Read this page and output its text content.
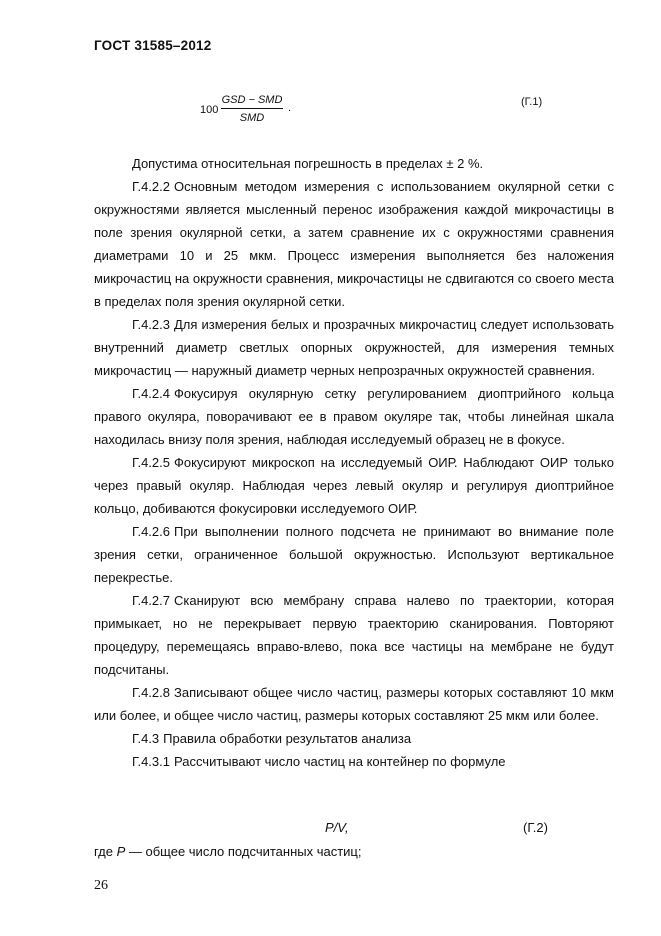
ГОСТ 31585–2012
100
GSD − SMD
SMD
.	(Г.1)

Допустима относительная погрешность в пределах ± 2 %.

Г.4.2.2 Основным методом измерения с использованием окулярной сетки с окружностями является мысленный перенос изображения каждой микрочастицы в поле зрения окулярной сетки, а затем сравнение их с окружностями сравнения диаметрами 10 и 25 мкм. Процесс измерения выполняется без наложения микрочастиц на окружности сравнения, микрочастицы не сдвигаются со своего места в пределах поля зрения окулярной сетки.

Г.4.2.3 Для измерения белых и прозрачных микрочастиц следует использовать внутренний диаметр светлых опорных окружностей, для измерения темных микрочастиц — наружный диаметр черных непрозрачных окружностей сравнения.

Г.4.2.4 Фокусируя окулярную сетку регулированием диоптрийного кольца правого окуляра, поворачивают ее в правом окуляре так, чтобы линейная шкала находилась внизу поля зрения, наблюдая исследуемый образец не в фокусе.

Г.4.2.5 Фокусируют микроскоп на исследуемый ОИР. Наблюдают ОИР только через правый окуляр. Наблюдая через левый окуляр и регулируя диоптрийное кольцо, добиваются фокусировки исследуемого ОИР.

Г.4.2.6 При выполнении полного подсчета не принимают во внимание поле зрения сетки, ограниченное большой окружностью. Используют вертикальное перекрестье.

Г.4.2.7 Сканируют всю мембрану справа налево по траектории, которая примыкает, но не перекрывает первую траекторию сканирования. Повторяют процедуру, перемещаясь вправо-влево, пока все частицы на мембране не будут подсчитаны.

Г.4.2.8 Записывают общее число частиц, размеры которых составляют 10 мкм или более, и общее число частиц, размеры которых составляют 25 мкм или более.

Г.4.3 Правила обработки результатов анализа

Г.4.3.1 Рассчитывают число частиц на контейнер по формуле

P/V,	(Г.2)
где P — общее число подсчитанных частиц;
26
